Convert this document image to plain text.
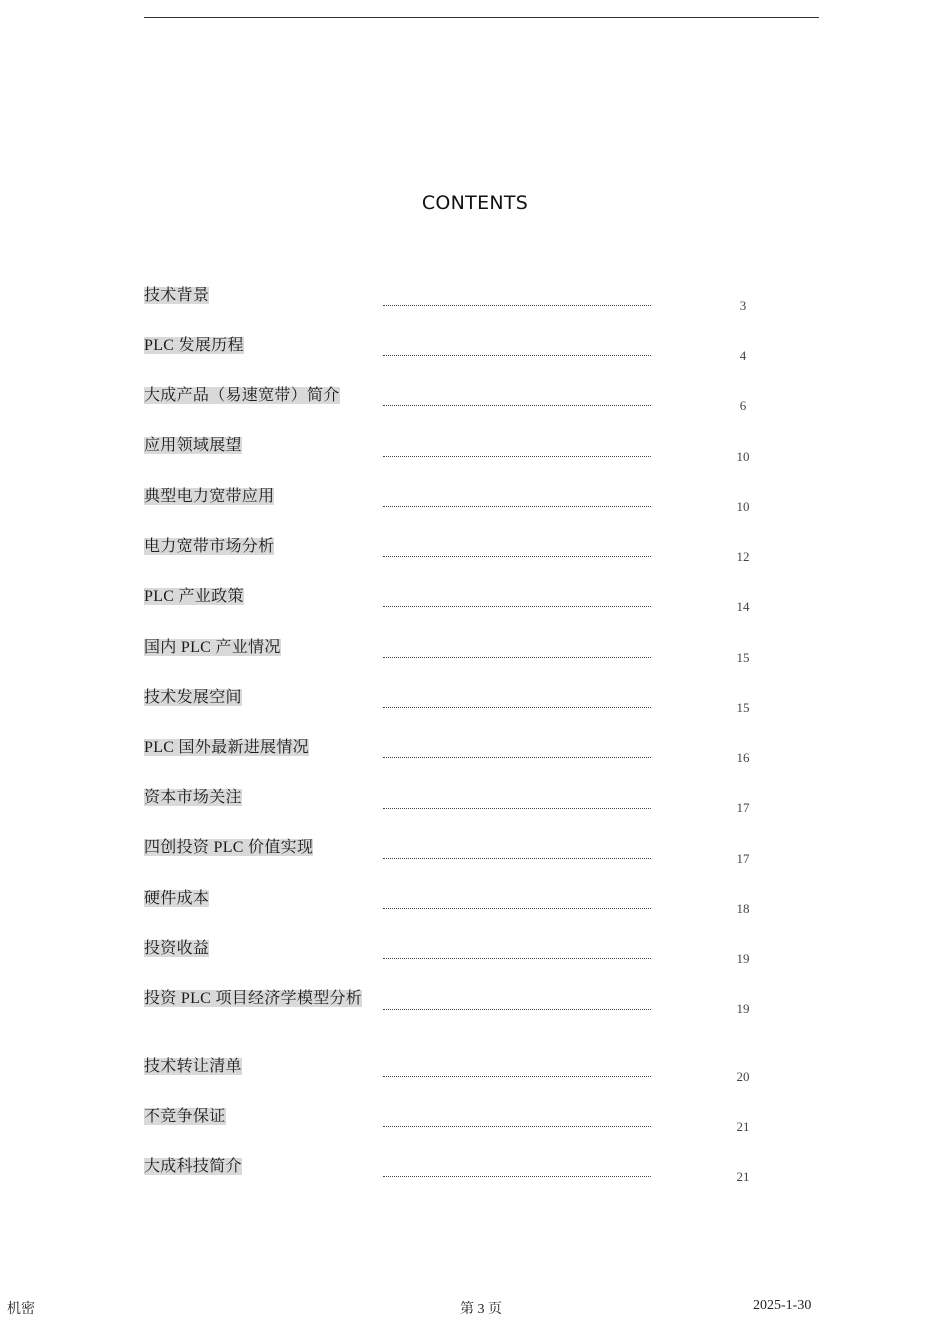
CONTENTS
技术背景
3
PLC 发展历程
4
大成产品（易速宽带）简介
6
应用领域展望
10
典型电力宽带应用
10
电力宽带市场分析
12
PLC 产业政策
14
国内 PLC 产业情况
15
技术发展空间
15
PLC 国外最新进展情况
16
资本市场关注
17
四创投资 PLC 价值实现
17
硬件成本
18
投资收益
19
投资 PLC 项目经济学模型分析
19
技术转让清单
20
不竞争保证
21
大成科技简介
21
机密	第 3 页	2025-1-30
